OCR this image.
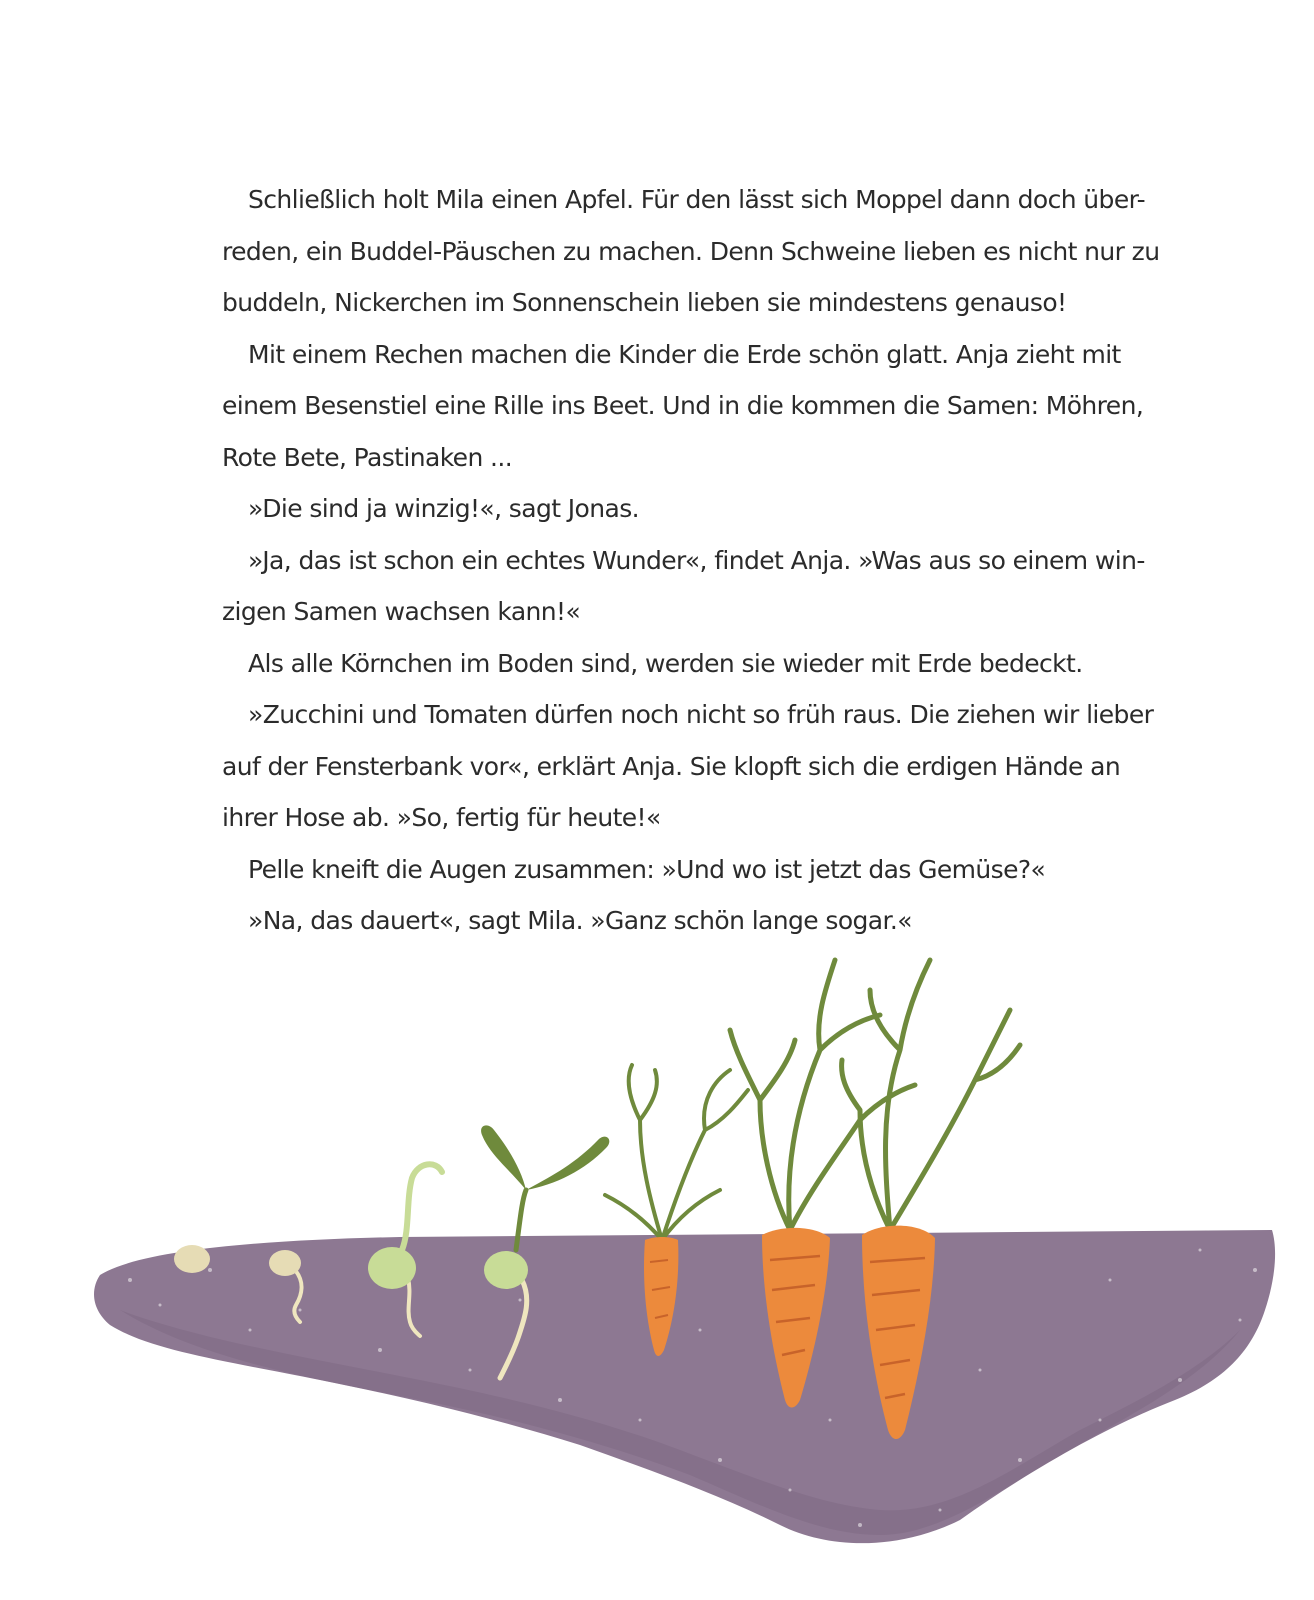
Schließlich holt Mila einen Apfel. Für den lässt sich Moppel dann doch über-

reden, ein Buddel-Päuschen zu machen. Denn Schweine lieben es nicht nur zu

buddeln, Nickerchen im Sonnenschein lieben sie mindestens genauso!

Mit einem Rechen machen die Kinder die Erde schön glatt. Anja zieht mit

einem Besenstiel eine Rille ins Beet. Und in die kommen die Samen: Möhren,

Rote Bete, Pastinaken ...

»Die sind ja winzig!«, sagt Jonas.

»Ja, das ist schon ein echtes Wunder«, findet Anja. »Was aus so einem win-

zigen Samen wachsen kann!«

Als alle Körnchen im Boden sind, werden sie wieder mit Erde bedeckt.

»Zucchini und Tomaten dürfen noch nicht so früh raus. Die ziehen wir lieber

auf der Fensterbank vor«, erklärt Anja. Sie klopft sich die erdigen Hände an

ihrer Hose ab. »So, fertig für heute!«

Pelle kneift die Augen zusammen: »Und wo ist jetzt das Gemüse?«

»Na, das dauert«, sagt Mila. »Ganz schön lange sogar.«
